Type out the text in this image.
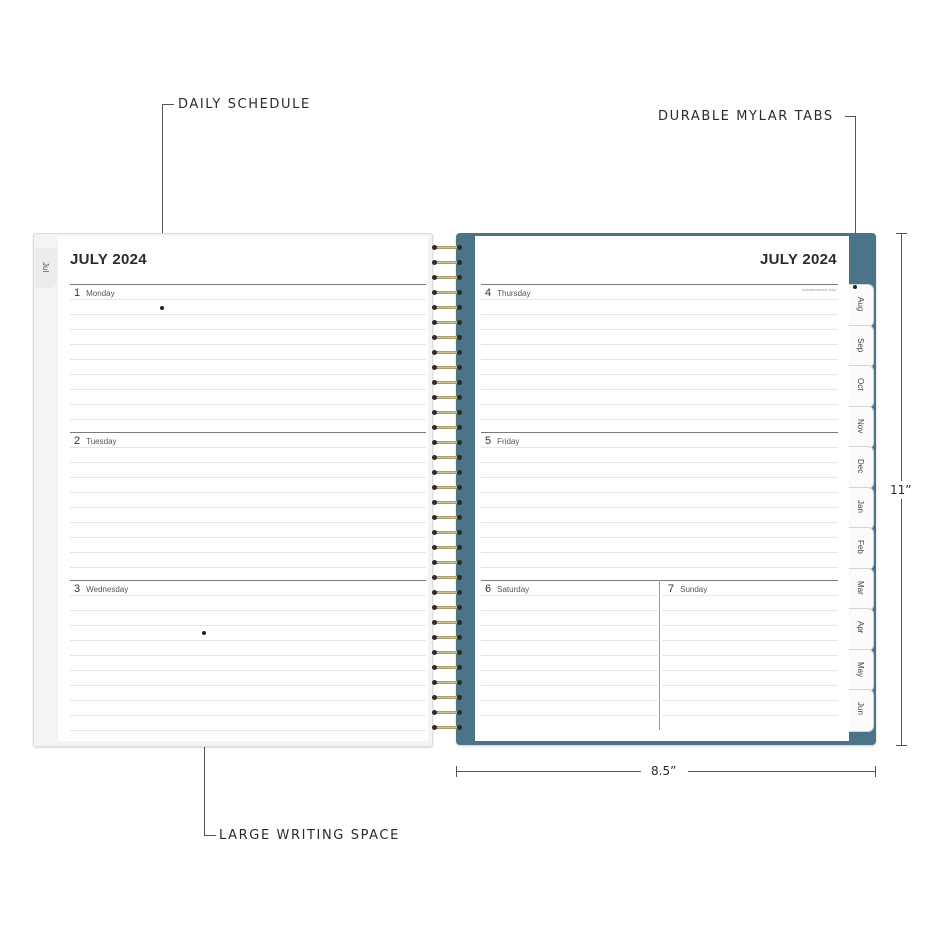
DAILY SCHEDULE
DURABLE MYLAR TABS
LARGE WRITING SPACE
Jul JULY 2024	JULY 2024
1 Monday
2 Tuesday
3 Wednesday
4 Thursday	Independence Day
5 Friday
6 Saturday	7 Sunday
Aug
Sep
Oct
Nov
Dec
Jan
Feb
Mar
Apr
May
Jun
11”
8.5”
